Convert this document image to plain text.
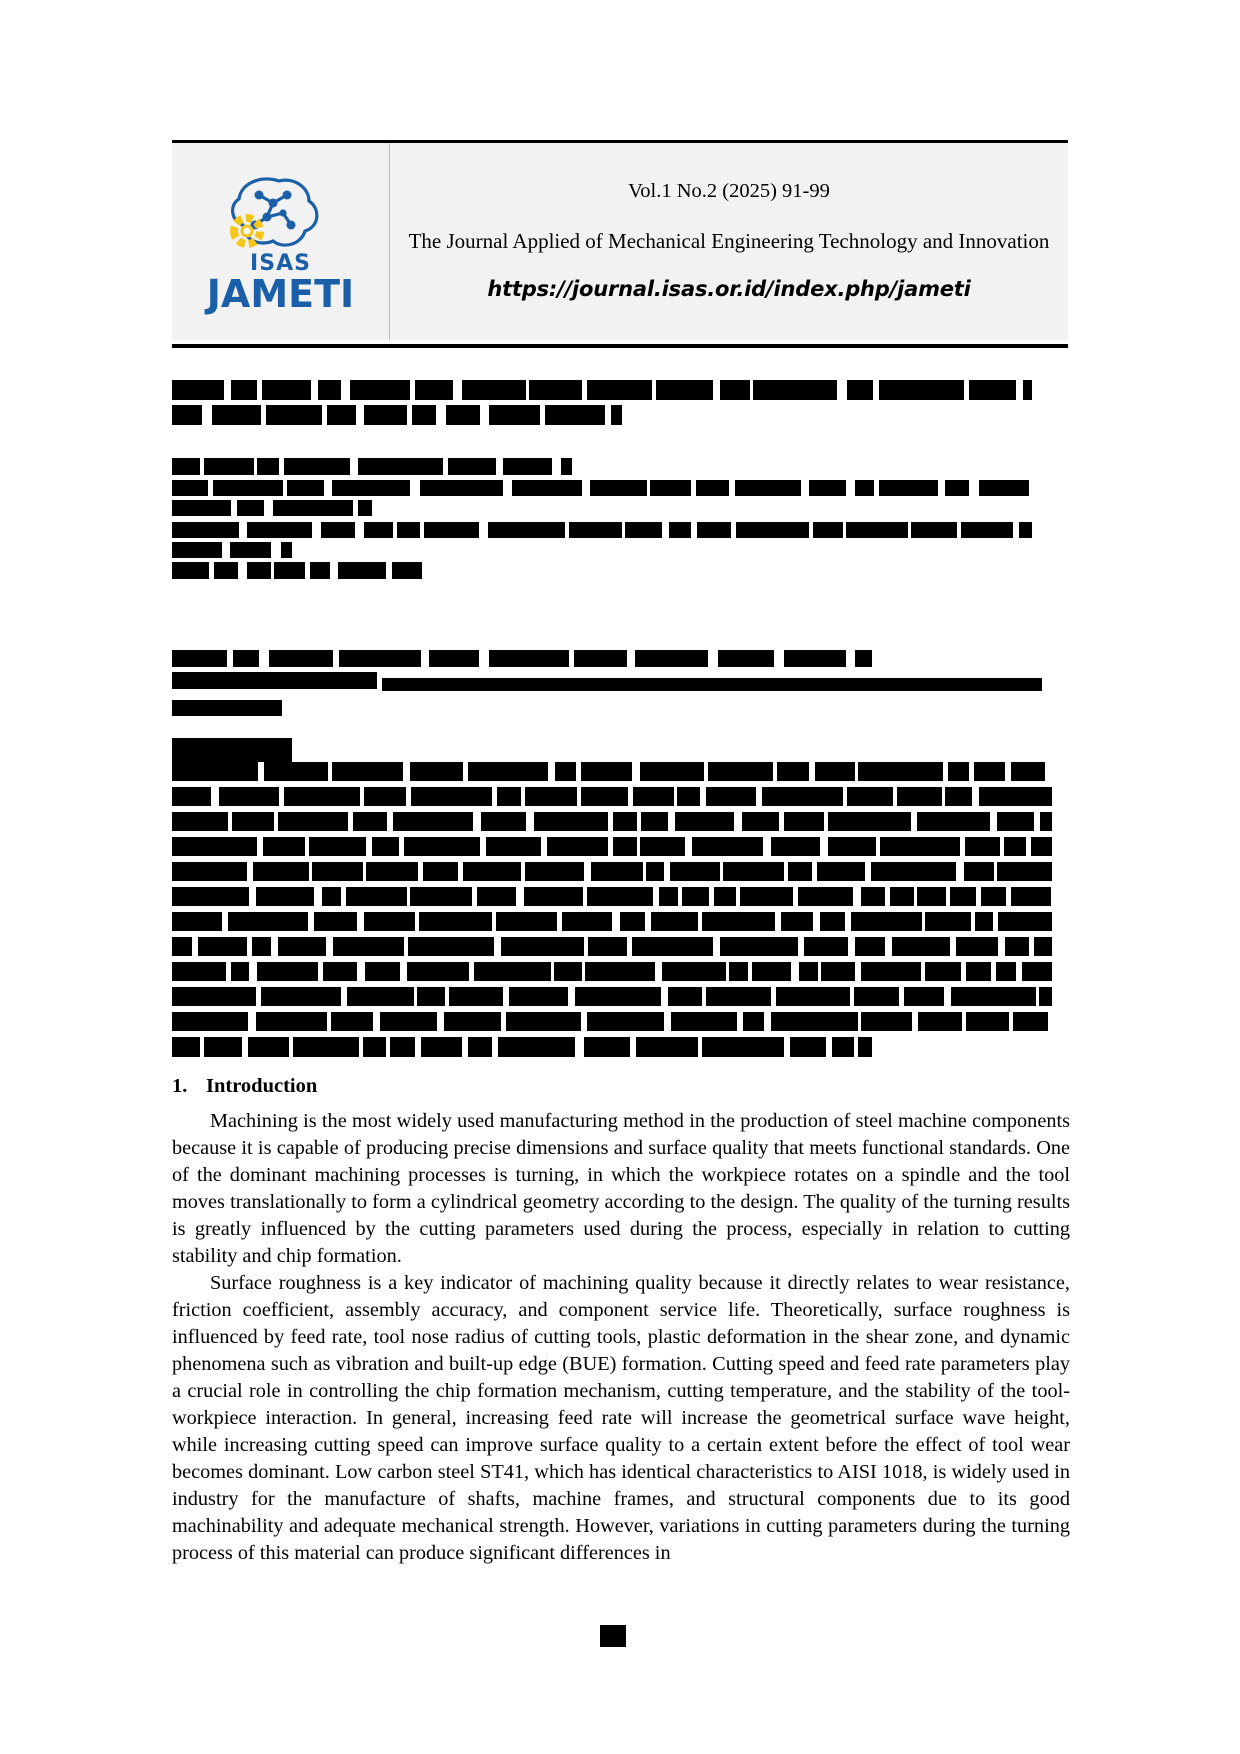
ISAS
JAMETI
Vol.1 No.2 (2025) 91-99
The Journal Applied of Mechanical Engineering Technology and Innovation
https://journal.isas.or.id/index.php/jameti
1. Introduction

Machining is the most widely used manufacturing method in the production of steel machine components because it is capable of producing precise dimensions and surface quality that meets functional standards. One of the dominant machining processes is turning, in which the workpiece rotates on a spindle and the tool moves translationally to form a cylindrical geometry according to the design. The quality of the turning results is greatly influenced by the cutting parameters used during the process, especially in relation to cutting stability and chip formation.

Surface roughness is a key indicator of machining quality because it directly relates to wear resistance, friction coefficient, assembly accuracy, and component service life. Theoretically, surface roughness is influenced by feed rate, tool nose radius of cutting tools, plastic deformation in the shear zone, and dynamic phenomena such as vibration and built-up edge (BUE) formation. Cutting speed and feed rate parameters play a crucial role in controlling the chip formation mechanism, cutting temperature, and the stability of the tool-workpiece interaction. In general, increasing feed rate will increase the geometrical surface wave height, while increasing cutting speed can improve surface quality to a certain extent before the effect of tool wear becomes dominant. Low carbon steel ST41, which has identical characteristics to AISI 1018, is widely used in industry for the manufacture of shafts, machine frames, and structural components due to its good machinability and adequate mechanical strength. However, variations in cutting parameters during the turning process of this material can produce significant differences in
